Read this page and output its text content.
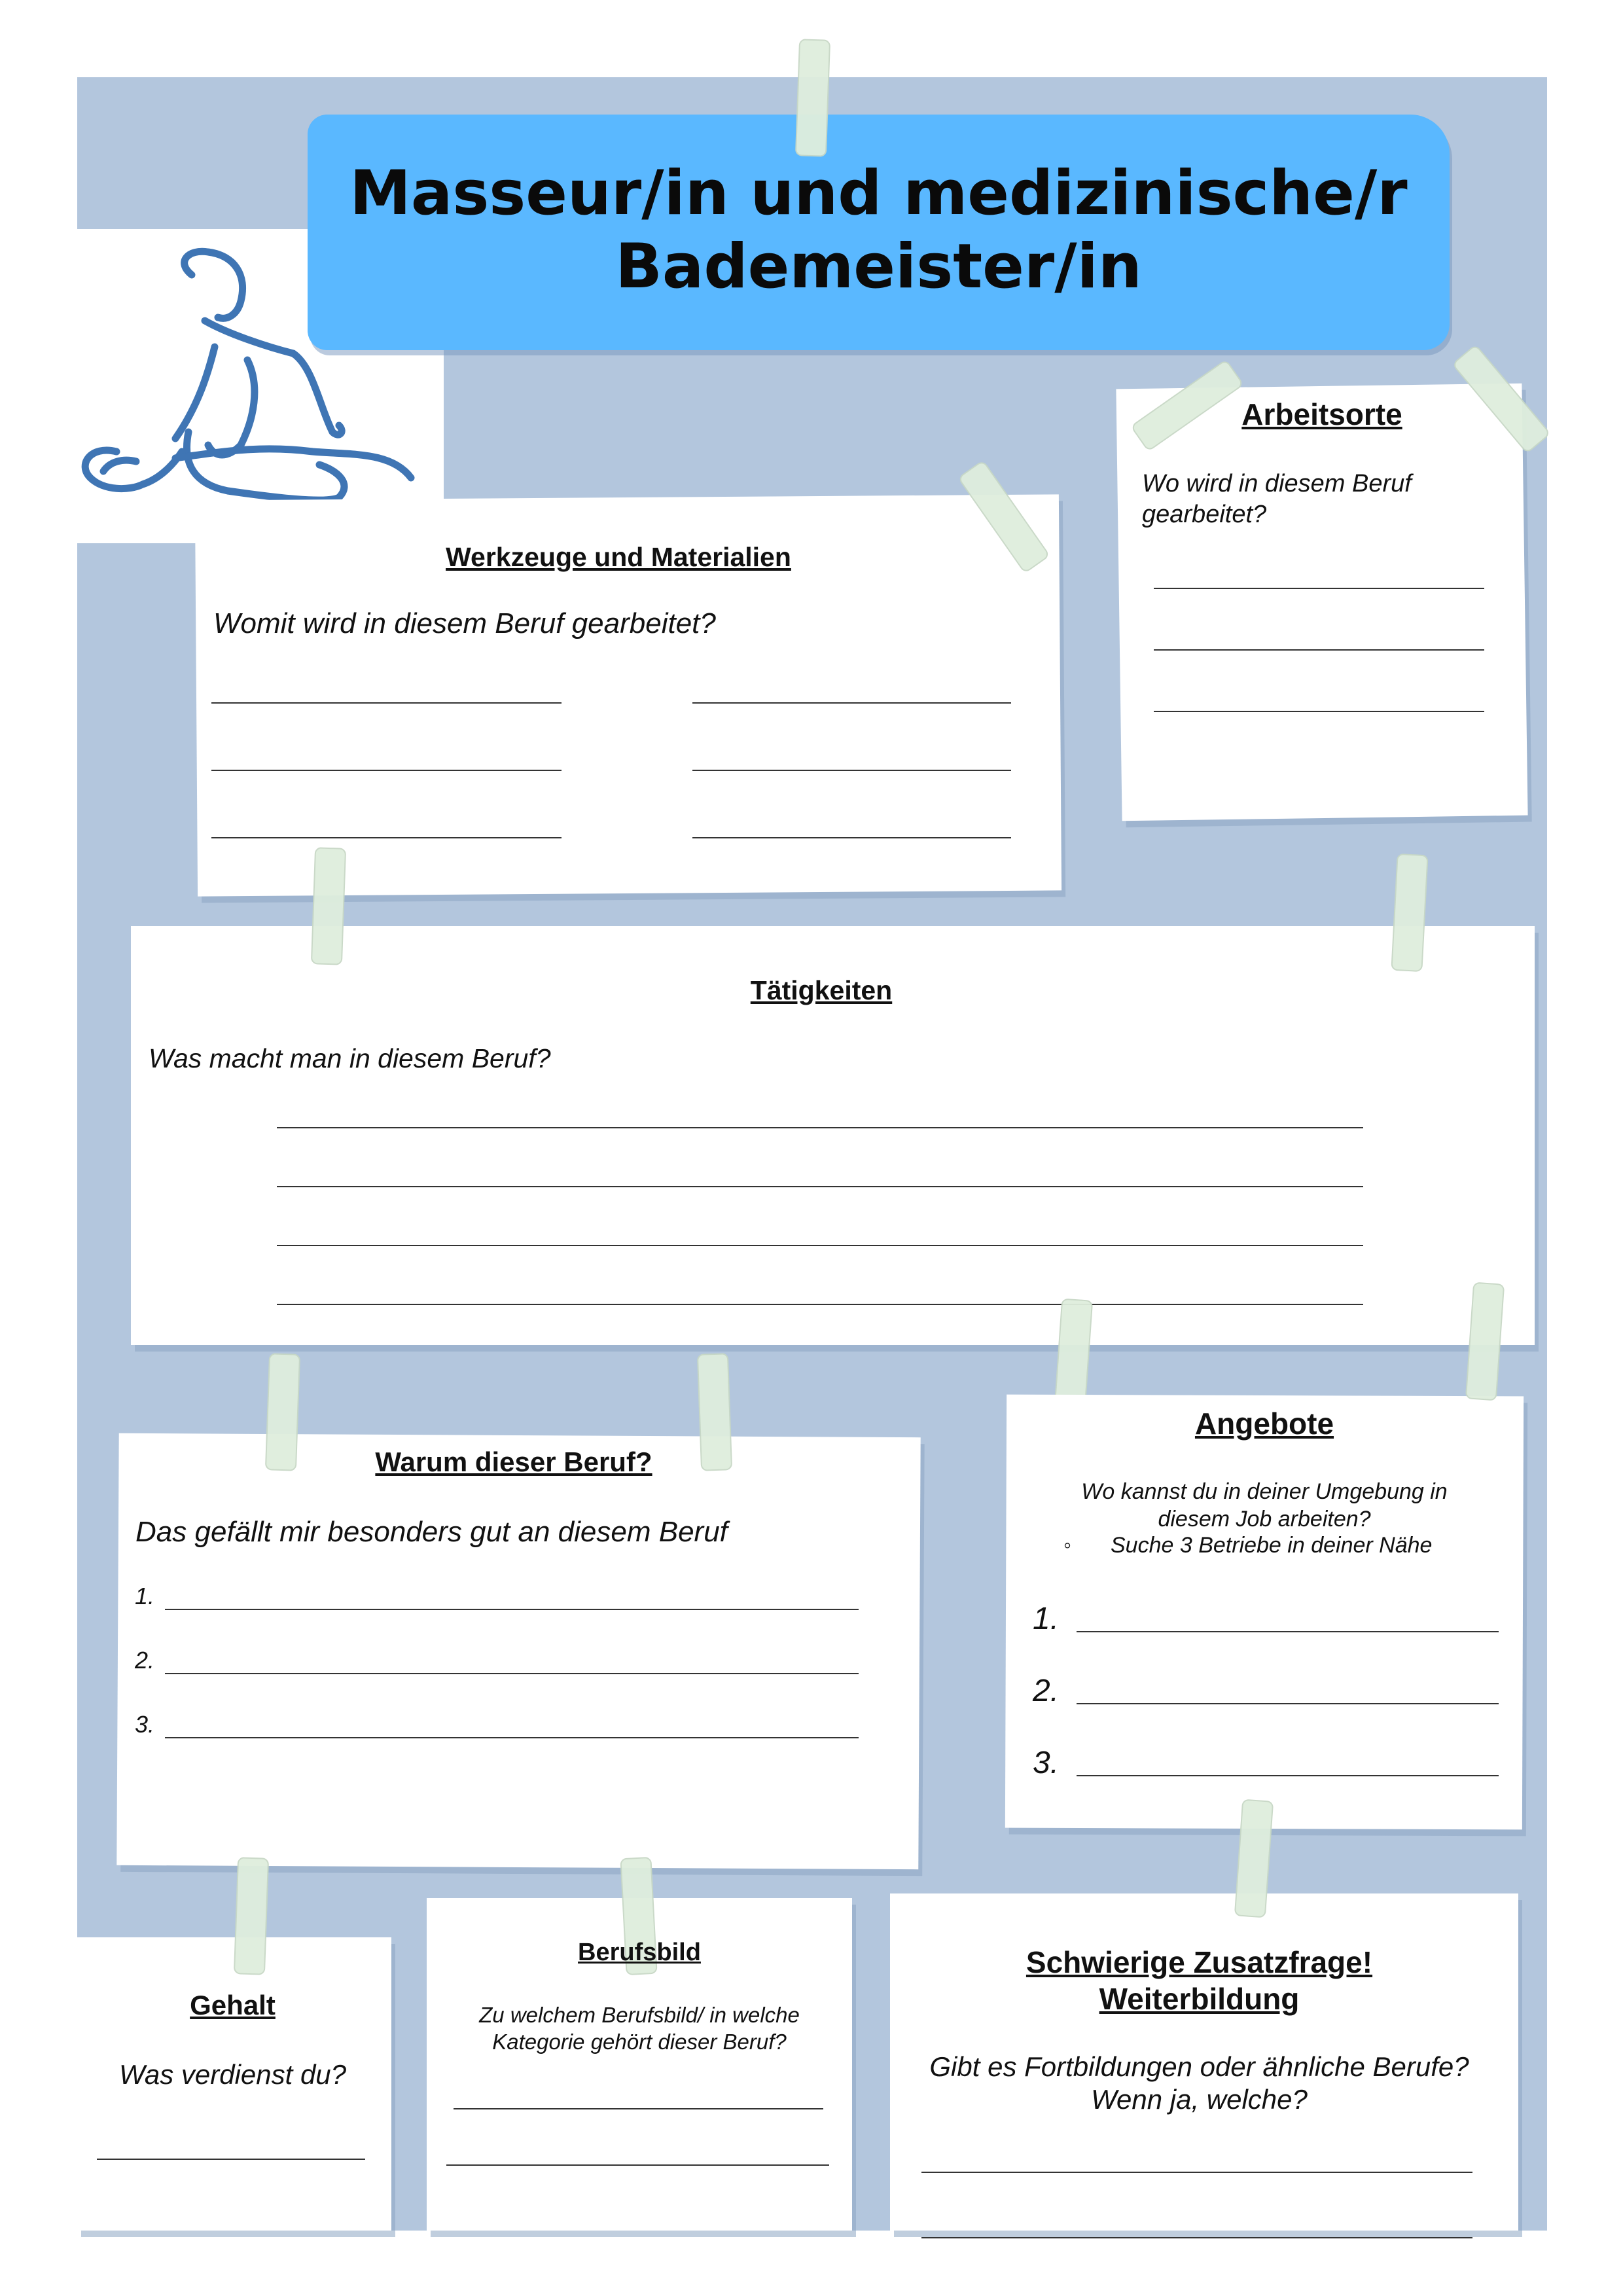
Masseur/in und medizinische/r
Bademeister/in
Arbeitsorte
Wo wird in diesem Beruf
gearbeitet?
Werkzeuge und Materialien
Womit wird in diesem Beruf gearbeitet?
Tätigkeiten
Was macht man in diesem Beruf?
Warum dieser Beruf?
Das gefällt mir besonders gut an diesem Beruf
1.
2.
3.
Angebote
Wo kannst du in deiner Umgebung in
diesem Job arbeiten?
◦ Suche 3 Betriebe in deiner Nähe
1.
2.
3.
Gehalt
Was verdienst du?
Berufsbild
Zu welchem Berufsbild/ in welche
Kategorie gehört dieser Beruf?
Schwierige Zusatzfrage!
Weiterbildung
Gibt es Fortbildungen oder ähnliche Berufe?
Wenn ja, welche?
